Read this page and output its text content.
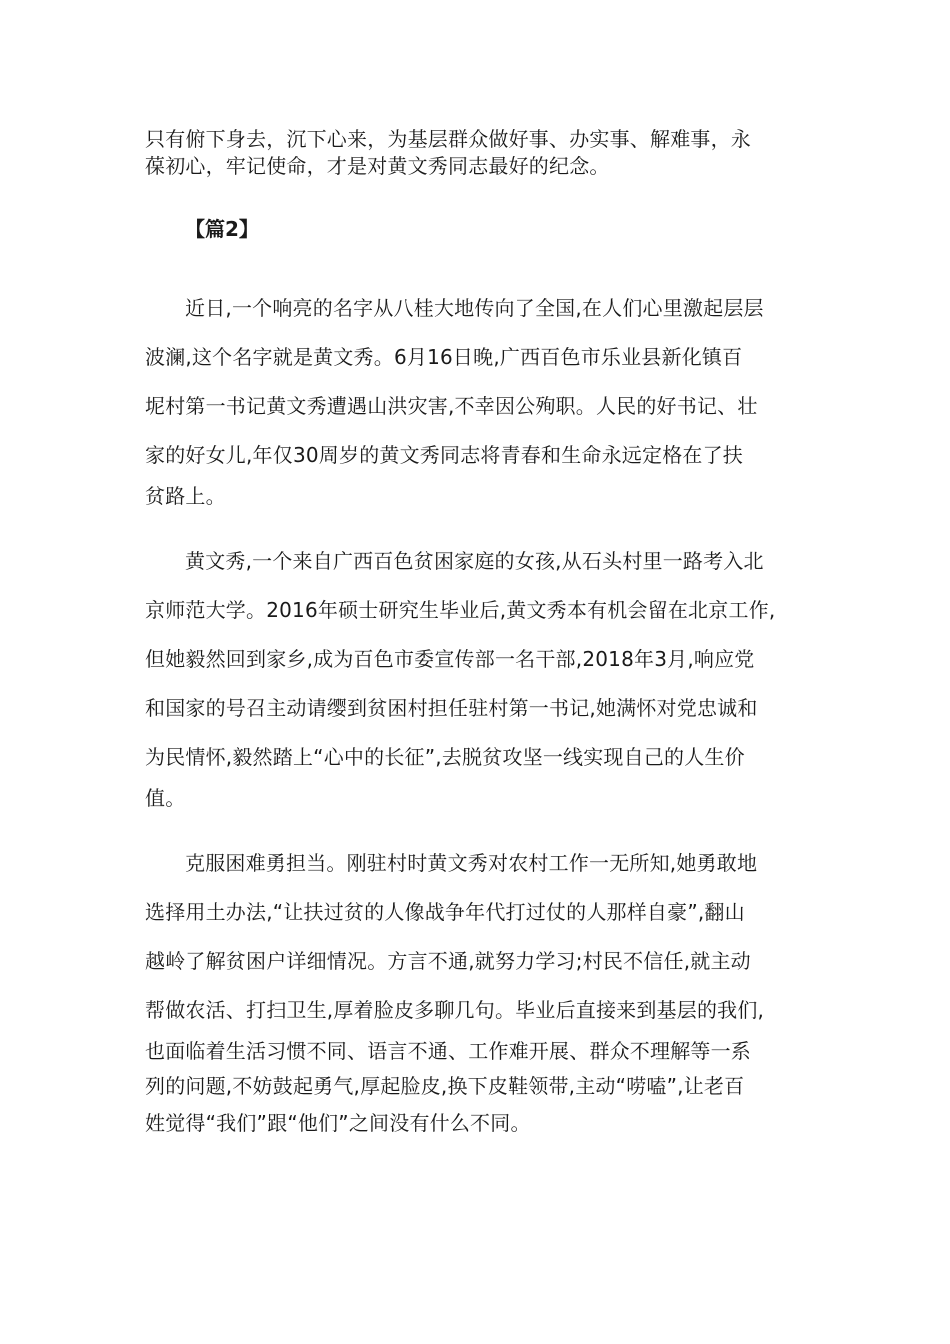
只有俯下身去，沉下心来，为基层群众做好事、办实事、解难事，永
葆初心，牢记使命，才是对黄文秀同志最好的纪念。
【篇2】
近日,一个响亮的名字从八桂大地传向了全国,在人们心里激起层层
波澜,这个名字就是黄文秀。6月16日晚,广西百色市乐业县新化镇百
坭村第一书记黄文秀遭遇山洪灾害,不幸因公殉职。人民的好书记、壮
家的好女儿,年仅30周岁的黄文秀同志将青春和生命永远定格在了扶
贫路上。
黄文秀,一个来自广西百色贫困家庭的女孩,从石头村里一路考入北
京师范大学。2016年硕士研究生毕业后,黄文秀本有机会留在北京工作,
但她毅然回到家乡,成为百色市委宣传部一名干部,2018年3月,响应党
和国家的号召主动请缨到贫困村担任驻村第一书记,她满怀对党忠诚和
为民情怀,毅然踏上“心中的长征”,去脱贫攻坚一线实现自己的人生价
值。
克服困难勇担当。刚驻村时黄文秀对农村工作一无所知,她勇敢地
选择用土办法,“让扶过贫的人像战争年代打过仗的人那样自豪”,翻山
越岭了解贫困户详细情况。方言不通,就努力学习;村民不信任,就主动
帮做农活、打扫卫生,厚着脸皮多聊几句。毕业后直接来到基层的我们,
也面临着生活习惯不同、语言不通、工作难开展、群众不理解等一系
列的问题,不妨鼓起勇气,厚起脸皮,换下皮鞋领带,主动“唠嗑”,让老百
姓觉得“我们”跟“他们”之间没有什么不同。
